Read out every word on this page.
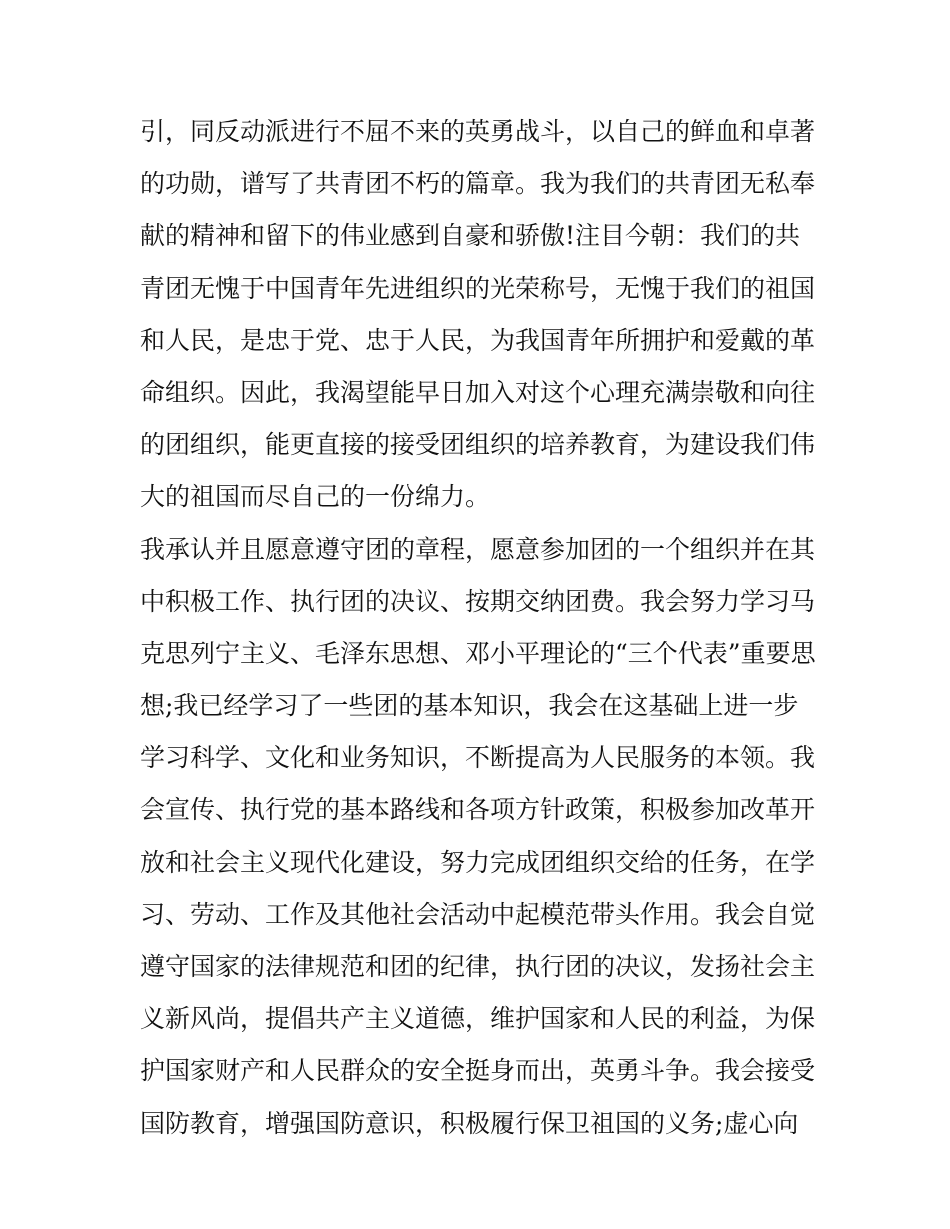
引，同反动派进行不屈不来的英勇战斗，以自己的鲜血和卓著
的功勋，谱写了共青团不朽的篇章。我为我们的共青团无私奉
献的精神和留下的伟业感到自豪和骄傲!注目今朝：我们的共
青团无愧于中国青年先进组织的光荣称号，无愧于我们的祖国
和人民，是忠于党、忠于人民，为我国青年所拥护和爱戴的革
命组织。因此，我渴望能早日加入对这个心理充满崇敬和向往
的团组织，能更直接的接受团组织的培养教育，为建设我们伟
大的祖国而尽自己的一份绵力。
我承认并且愿意遵守团的章程，愿意参加团的一个组织并在其
中积极工作、执行团的决议、按期交纳团费。我会努力学习马
克思列宁主义、毛泽东思想、邓小平理论的“三个代表”重要思
想;我已经学习了一些团的基本知识，我会在这基础上进一步
学习科学、文化和业务知识，不断提高为人民服务的本领。我
会宣传、执行党的基本路线和各项方针政策，积极参加改革开
放和社会主义现代化建设，努力完成团组织交给的任务，在学
习、劳动、工作及其他社会活动中起模范带头作用。我会自觉
遵守国家的法律规范和团的纪律，执行团的决议，发扬社会主
义新风尚，提倡共产主义道德，维护国家和人民的利益，为保
护国家财产和人民群众的安全挺身而出，英勇斗争。我会接受
国防教育，增强国防意识，积极履行保卫祖国的义务;虚心向
